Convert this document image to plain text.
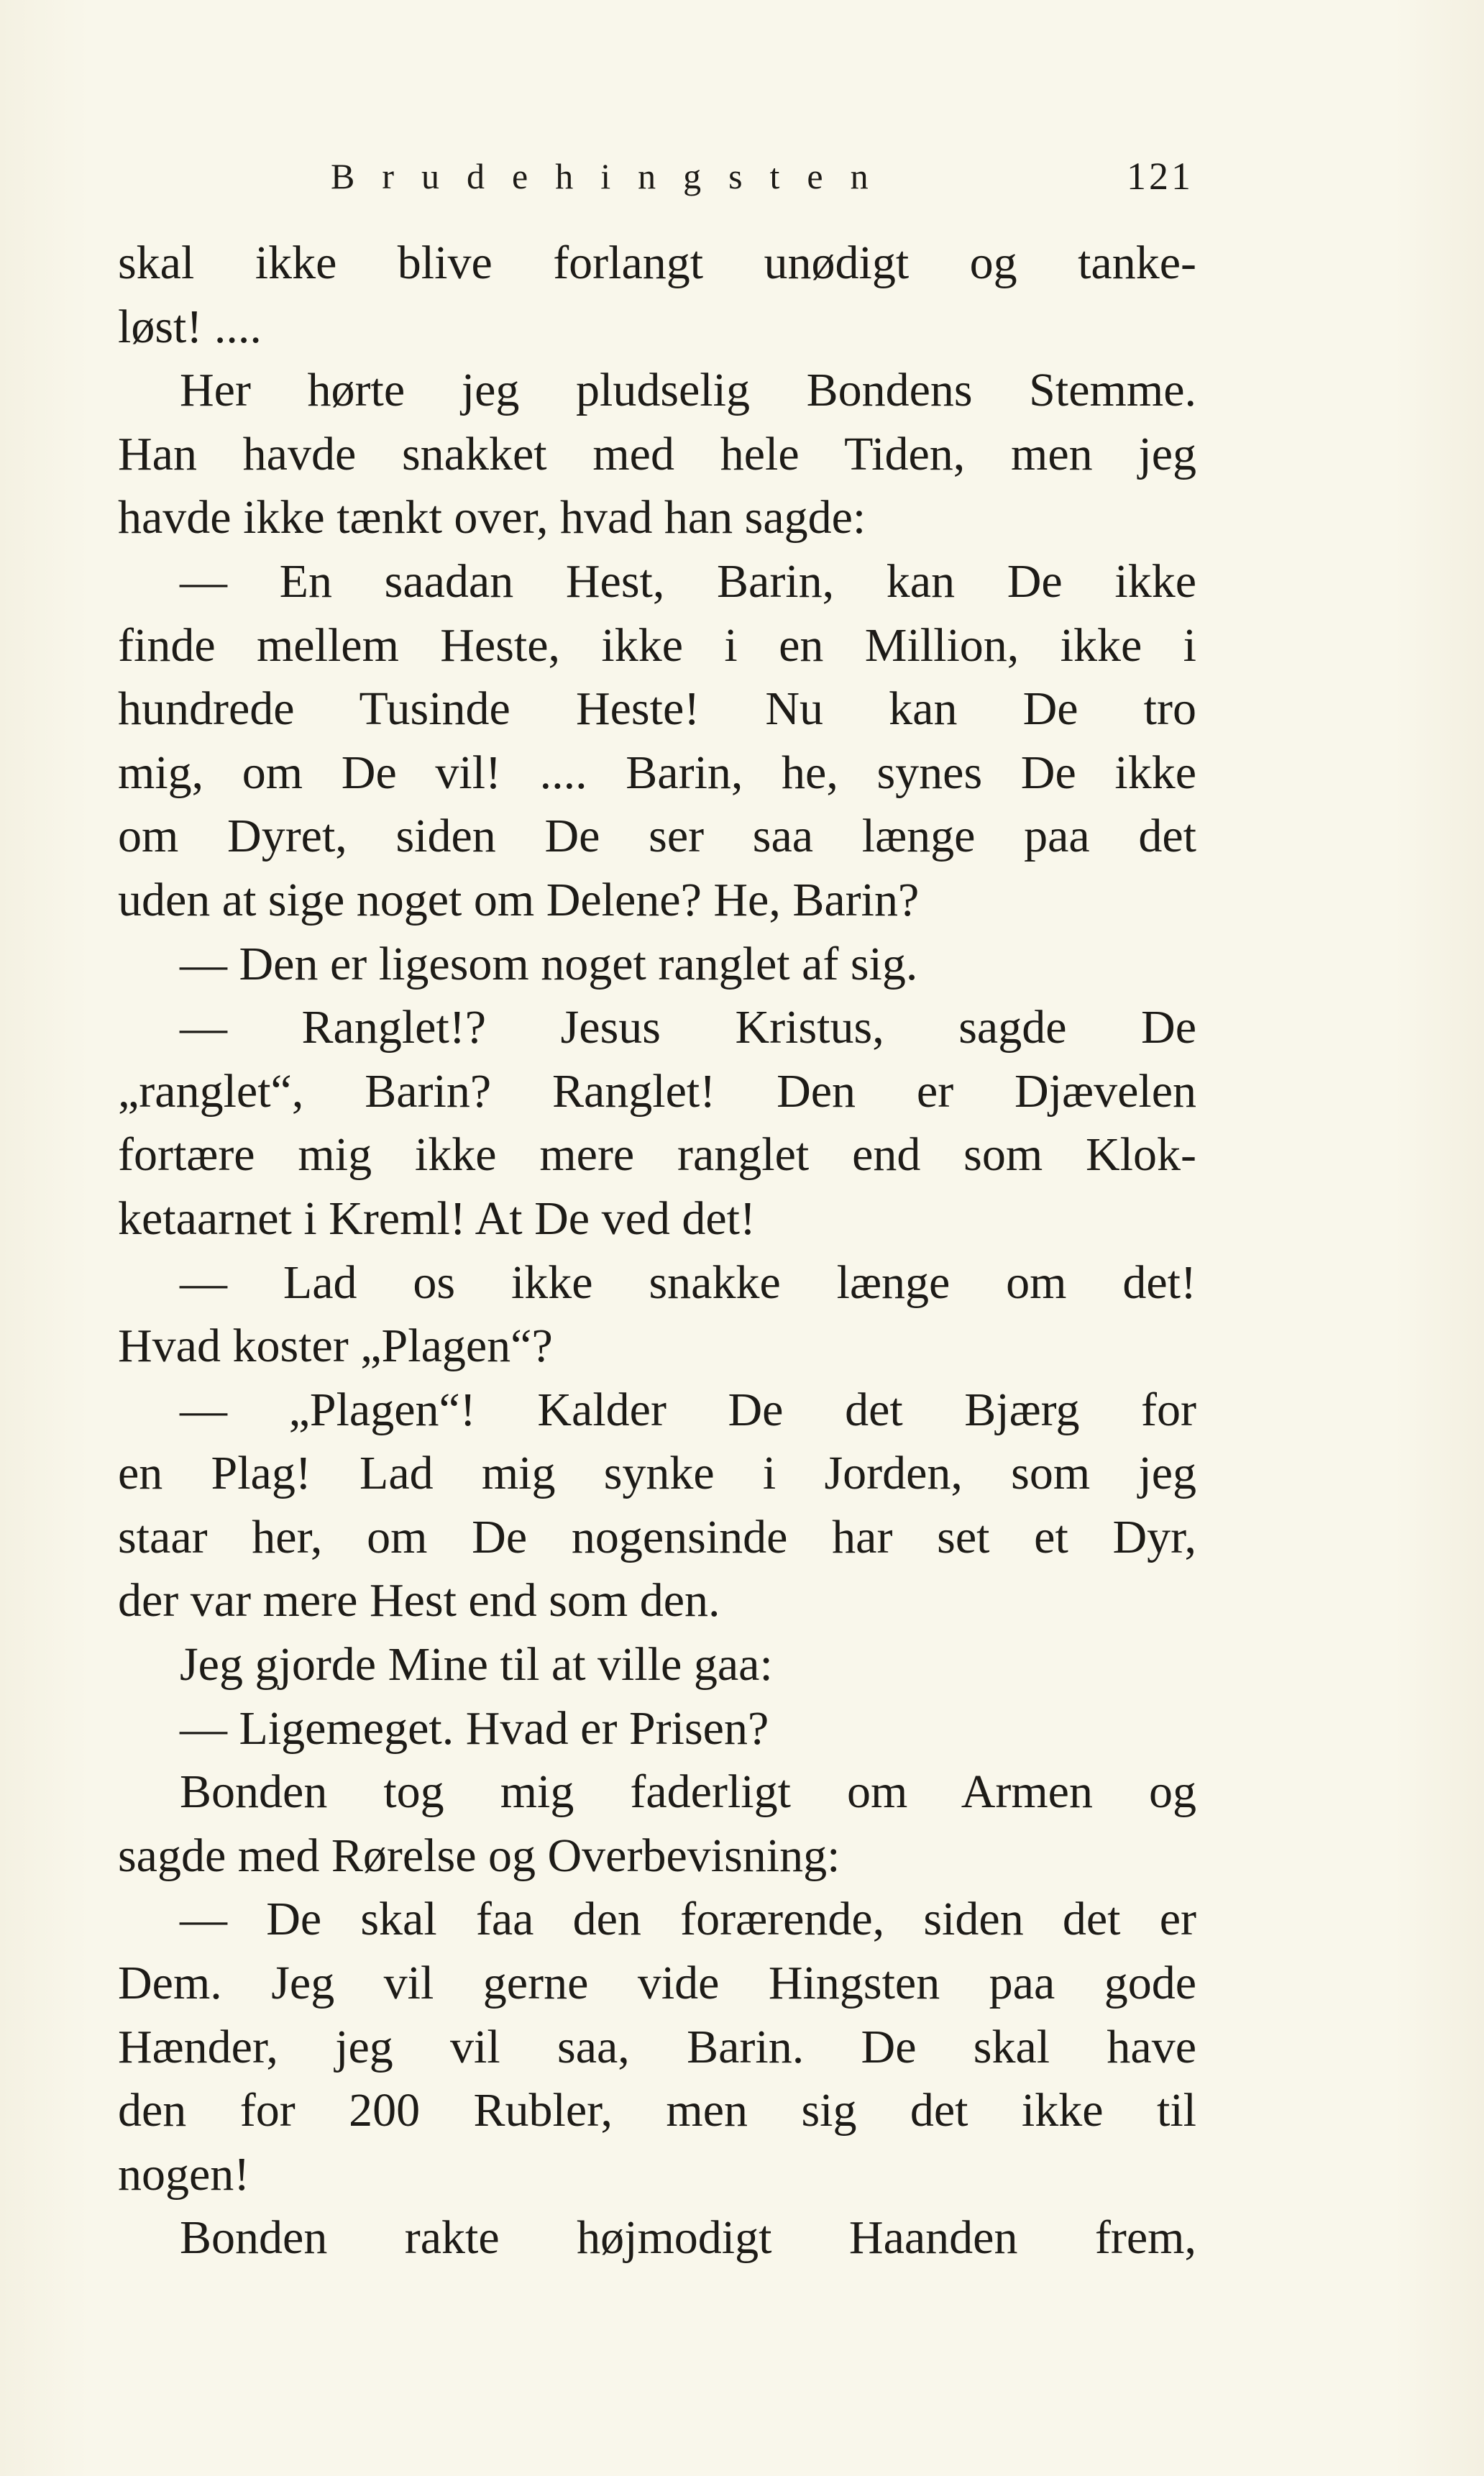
Brudehingsten	121
skal ikke blive forlangt unødigt og tanke-
løst! ....
Her hørte jeg pludselig Bondens Stemme.
Han havde snakket med hele Tiden, men jeg
havde ikke tænkt over, hvad han sagde:
— En saadan Hest, Barin, kan De ikke
finde mellem Heste, ikke i en Million, ikke i
hundrede Tusinde Heste! Nu kan De tro
mig, om De vil! .... Barin, he, synes De ikke
om Dyret, siden De ser saa længe paa det
uden at sige noget om Delene? He, Barin?
— Den er ligesom noget ranglet af sig.
— Ranglet!? Jesus Kristus, sagde De
„ranglet“, Barin? Ranglet! Den er Djævelen
fortære mig ikke mere ranglet end som Klok-
ketaarnet i Kreml! At De ved det!
— Lad os ikke snakke længe om det!
Hvad koster „Plagen“?
— „Plagen“! Kalder De det Bjærg for
en Plag! Lad mig synke i Jorden, som jeg
staar her, om De nogensinde har set et Dyr,
der var mere Hest end som den.
Jeg gjorde Mine til at ville gaa:
— Ligemeget. Hvad er Prisen?
Bonden tog mig faderligt om Armen og
sagde med Rørelse og Overbevisning:
— De skal faa den forærende, siden det er
Dem. Jeg vil gerne vide Hingsten paa gode
Hænder, jeg vil saa, Barin. De skal have
den for 200 Rubler, men sig det ikke til
nogen!
Bonden rakte højmodigt Haanden frem,
